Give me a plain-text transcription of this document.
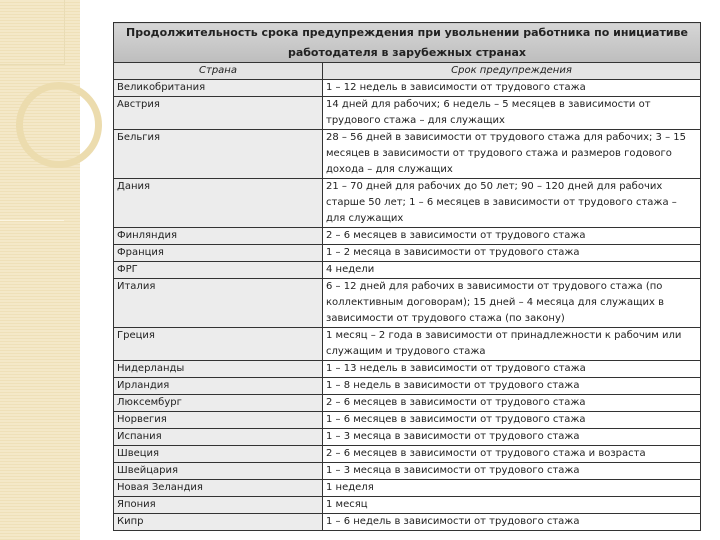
Продолжительность срока предупреждения при увольнении работника по инициативе работодателя в зарубежных странах	
Страна	Срок предупреждения
Великобритания	1 – 12 недель в зависимости от трудового стажа
Австрия	14 дней для рабочих; 6 недель – 5 месяцев в зависимости от трудового стажа – для служащих
Бельгия	28 – 56 дней в зависимости от трудового стажа для рабочих; 3 – 15 месяцев в зависимости от трудового стажа и размеров годового дохода – для служащих
Дания	21 – 70 дней для рабочих до 50 лет; 90 – 120 дней для рабочих старше 50 лет; 1 – 6 месяцев в зависимости от трудового стажа – для служащих
Финляндия	2 – 6 месяцев в зависимости от трудового стажа
Франция	1 – 2 месяца в зависимости от трудового стажа
ФРГ	4 недели
Италия	6 – 12 дней для рабочих в зависимости от трудового стажа (по коллективным договорам); 15 дней – 4 месяца для служащих в зависимости от трудового стажа (по закону)
Греция	1 месяц – 2 года в зависимости от принадлежности к рабочим или служащим и трудового стажа
Нидерланды	1 – 13 недель в зависимости от трудового стажа
Ирландия	1 – 8 недель в зависимости от трудового стажа
Люксембург	2 – 6 месяцев в зависимости от трудового стажа
Норвегия	1 – 6 месяцев в зависимости от трудового стажа
Испания	1 – 3 месяца в зависимости от трудового стажа
Швеция	2 – 6 месяцев в зависимости от трудового стажа и возраста
Швейцария	1 – 3 месяца в зависимости от трудового стажа
Новая Зеландия	1 неделя
Япония	1 месяц
Кипр	1 – 6 недель в зависимости от трудового стажа
